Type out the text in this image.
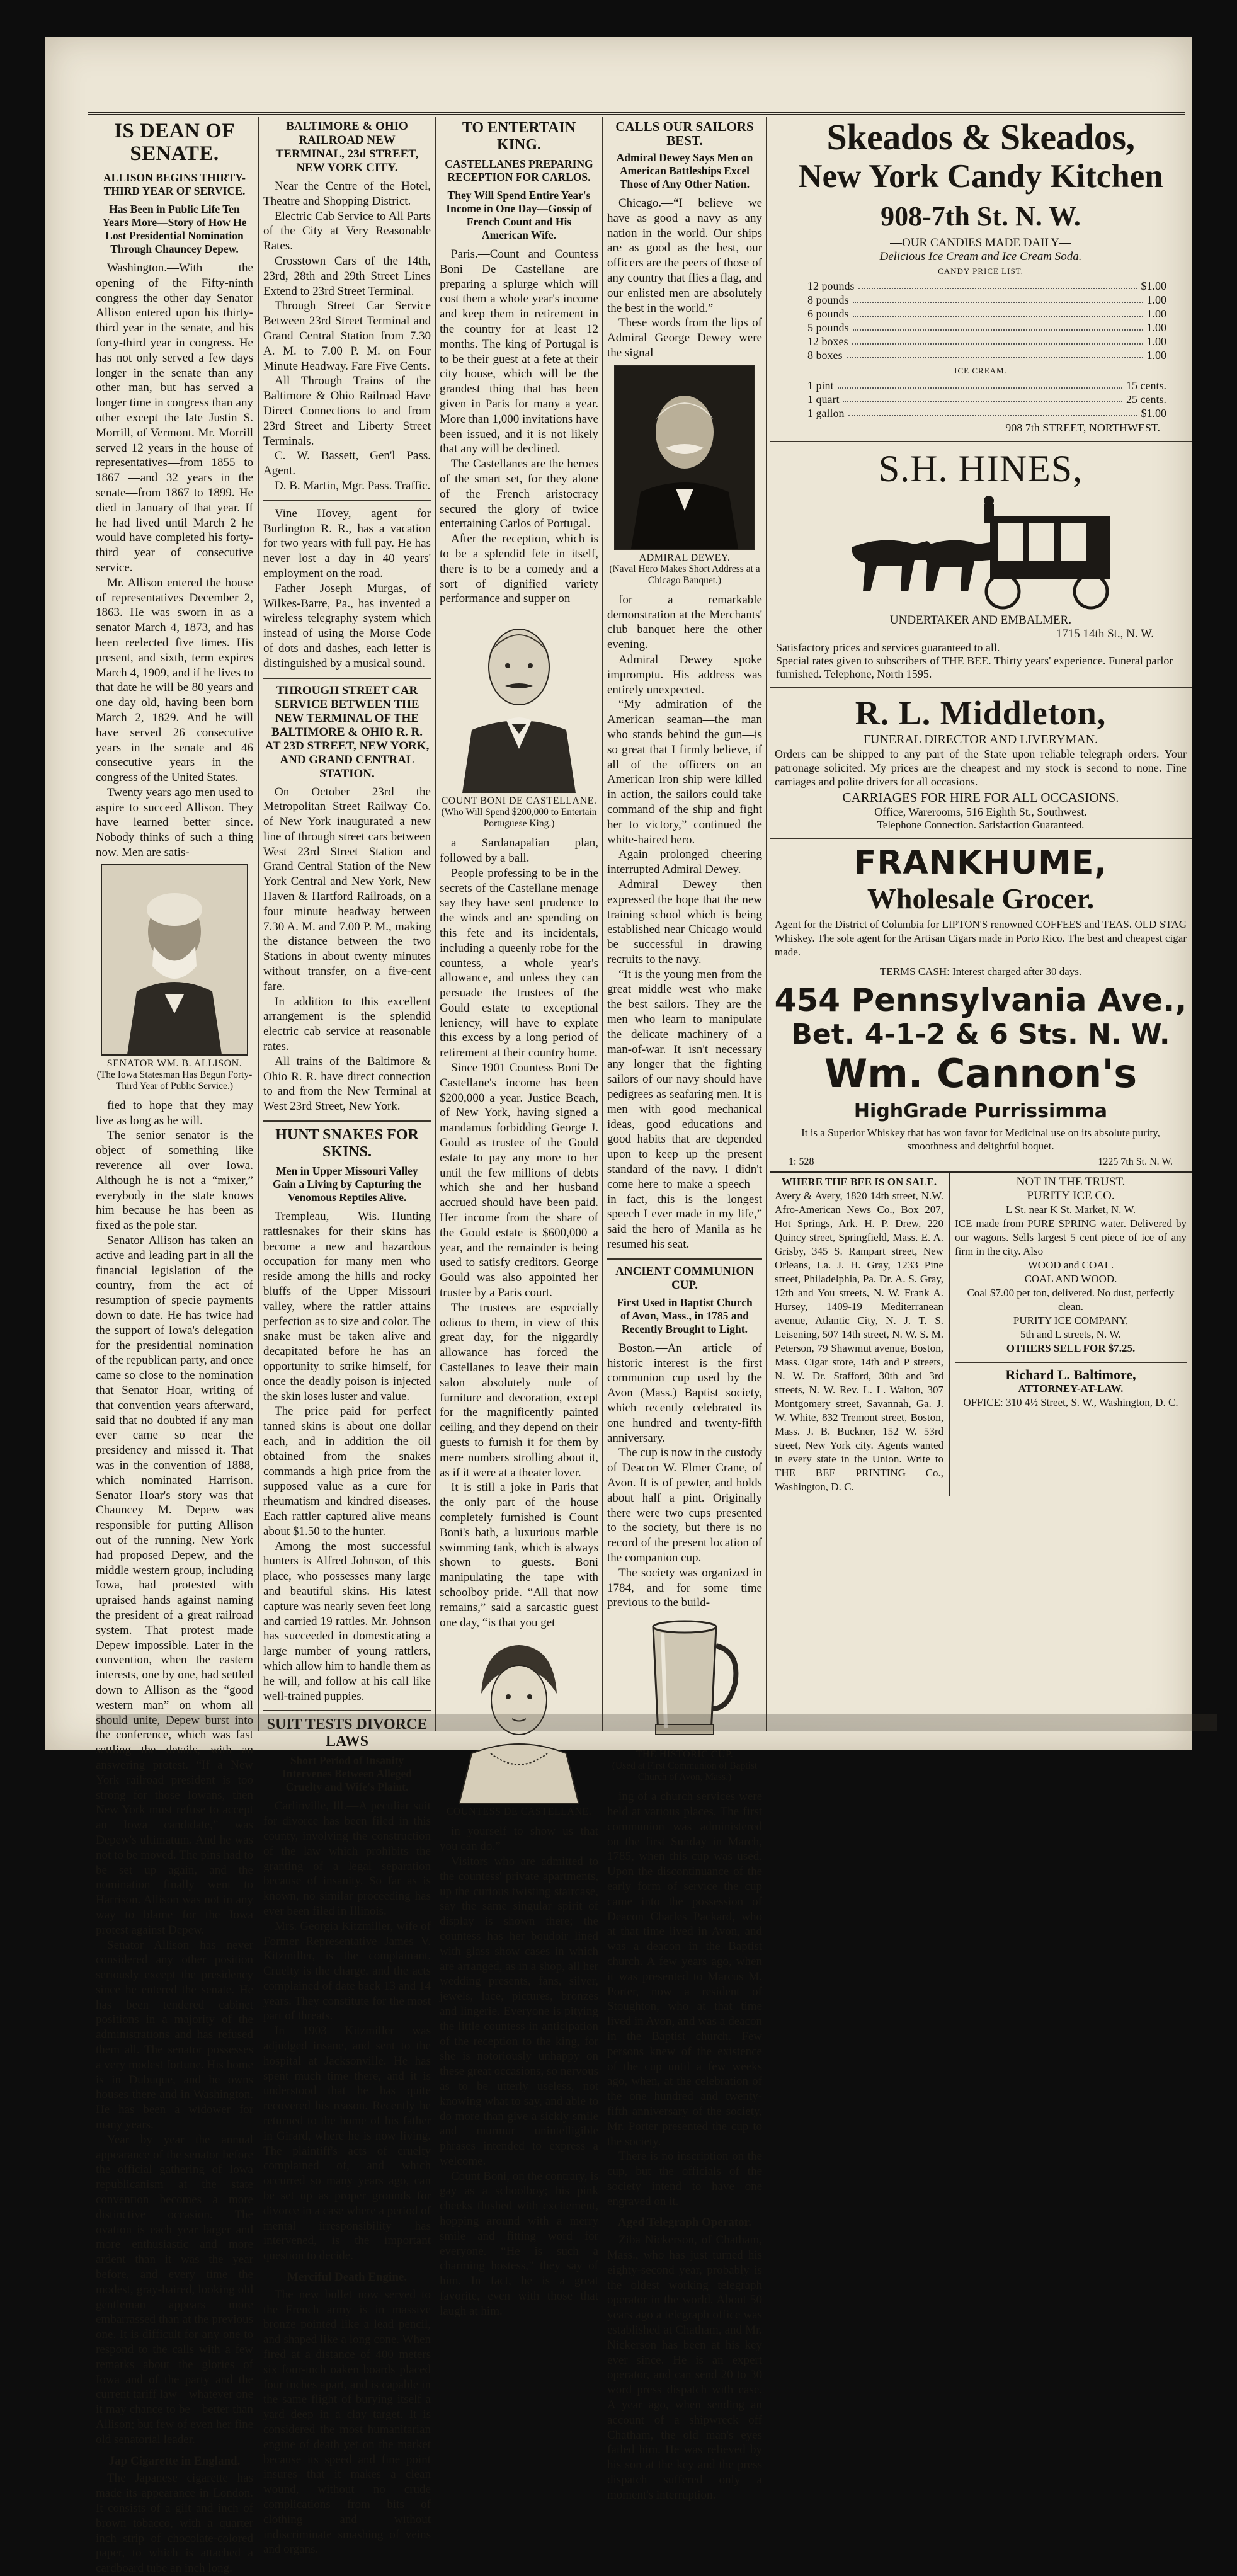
IS DEAN OF SENATE.
ALLISON BEGINS THIRTY-THIRD YEAR OF SERVICE.
Has Been in Public Life Ten Years More—Story of How He Lost Presidential Nomination Through Chauncey Depew.

Washington.—With the opening of the Fifty-ninth congress the other day Senator Allison entered upon his thirty-third year in the senate, and his forty-third year in congress. He has not only served a few days longer in the senate than any other man, but has served a longer time in congress than any other except the late Justin S. Morrill, of Vermont. Mr. Morrill served 12 years in the house of representatives—from 1855 to 1867 —and 32 years in the senate—from 1867 to 1899. He died in January of that year. If he had lived until March 2 he would have completed his forty-third year of consecutive service.

Mr. Allison entered the house of representatives December 2, 1863. He was sworn in as a senator March 4, 1873, and has been reelected five times. His present, and sixth, term expires March 4, 1909, and if he lives to that date he will be 80 years and one day old, having been born March 2, 1829. And he will have served 26 consecutive years in the senate and 46 consecutive years in the congress of the United States.

Twenty years ago men used to aspire to succeed Allison. They have learned better since. Nobody thinks of such a thing now. Men are satis-

SENATOR WM. B. ALLISON.
(The Iowa Statesman Has Begun Forty-Third Year of Public Service.)

fied to hope that they may live as long as he will.

The senior senator is the object of something like reverence all over Iowa. Although he is not a “mixer,” everybody in the state knows him because he has been as fixed as the pole star.

Senator Allison has taken an active and leading part in all the financial legislation of the country, from the act of resumption of specie payments down to date. He has twice had the support of Iowa's delegation for the presidential nomination of the republican party, and once came so close to the nomination that Senator Hoar, writing of that convention years afterward, said that no doubted if any man ever came so near the presidency and missed it. That was in the convention of 1888, which nominated Harrison. Senator Hoar's story was that Chauncey M. Depew was responsible for putting Allison out of the running. New York had proposed Depew, and the middle western group, including Iowa, had protested with upraised hands against naming the president of a great railroad system. That protest made Depew impossible. Later in the convention, when the eastern interests, one by one, had settled down to Allison as the “good western man” on whom all should unite, Depew burst into the conference, which was fast settling the details, with an answering protest. “If a New York railroad president is too strong for those Iowans, then New York must refuse to accept an Iowa candidate,” was Depew's ultimatum. And he was not to be moved. The pins had to be set up again, and the nomination finally went to Harrison. Allison was not in any way to blame for the Iowa protest against Depew.

Senator Allison has never considered any other position seriously except the presidency since he entered the senate. He has been tendered cabinet positions in a majority of the administrations and has refused them all. The senator possesses a very modest fortune. His home is in Dubuque, and he owns houses there and in Washington. He has been a widower for many years.

Year by year the annual appearance of the senator before the official gathering of Iowa republicanism at the state convention becomes a more distinctive occasion. The ovation is each year larger and more enthusiastic and more ardent than it was the year before, and every time the modest, gray-haired, looking old gentleman appears more embarrassed than at the previous one. It is difficult for any one to respond to the calls with a few remarks about the glories of Iowa and of the party and the current tariff law—whatever one it may chance to be—better than Allison; but few of even her fine old senatorial leader.

Jap Cigarette in England.

The Japanese cigarette has made its appearance in London. It consists of a gilt and inch of brown tobacco, with a quarter inch strip of chocolate-colored paper, to which is attached a cardboard tube an inch long.

BALTIMORE & OHIO RAILROAD NEW TERMINAL, 23d STREET, NEW YORK CITY.

Near the Centre of the Hotel, Theatre and Shopping District.

Electric Cab Service to All Parts of the City at Very Reasonable Rates.

Crosstown Cars of the 14th, 23rd, 28th and 29th Street Lines Extend to 23rd Street Terminal.

Through Street Car Service Between 23rd Street Terminal and Grand Central Station from 7.30 A. M. to 7.00 P. M. on Four Minute Headway. Fare Five Cents.

All Through Trains of the Baltimore & Ohio Railroad Have Direct Connections to and from 23rd Street and Liberty Street Terminals.

C. W. Bassett, Gen'l Pass. Agent.

D. B. Martin, Mgr. Pass. Traffic.

Vine Hovey, agent for Burlington R. R., has a vacation for two years with full pay. He has never lost a day in 40 years' employment on the road.

Father Joseph Murgas, of Wilkes-Barre, Pa., has invented a wireless telegraphy system which instead of using the Morse Code of dots and dashes, each letter is distinguished by a musical sound.

THROUGH STREET CAR SERVICE BETWEEN THE NEW TERMINAL OF THE BALTIMORE & OHIO R. R. AT 23D STREET, NEW YORK, AND GRAND CENTRAL STATION.

On October 23rd the Metropolitan Street Railway Co. of New York inaugurated a new line of through street cars between West 23rd Street Station and Grand Central Station of the New York Central and New York, New Haven & Hartford Railroads, on a four minute headway between 7.30 A. M. and 7.00 P. M., making the distance between the two Stations in about twenty minutes without transfer, on a five-cent fare.

In addition to this excellent arrangement is the splendid electric cab service at reasonable rates.

All trains of the Baltimore & Ohio R. R. have direct connection to and from the New Terminal at West 23rd Street, New York.

HUNT SNAKES FOR SKINS.
Men in Upper Missouri Valley Gain a Living by Capturing the Venomous Reptiles Alive.

Trempleau, Wis.—Hunting rattlesnakes for their skins has become a new and hazardous occupation for many men who reside among the hills and rocky bluffs of the Upper Missouri valley, where the rattler attains perfection as to size and color. The snake must be taken alive and decapitated before he has an opportunity to strike himself, for once the deadly poison is injected the skin loses luster and value.

The price paid for perfect tanned skins is about one dollar each, and in addition the oil obtained from the snakes commands a high price from the supposed value as a cure for rheumatism and kindred diseases. Each rattler captured alive means about $1.50 to the hunter.

Among the most successful hunters is Alfred Johnson, of this place, who possesses many large and beautiful skins. His latest capture was nearly seven feet long and carried 19 rattles. Mr. Johnson has succeeded in domesticating a large number of young rattlers, which allow him to handle them as he will, and follow at his call like well-trained puppies.

SUIT TESTS DIVORCE LAWS
Short Period of Insanity Intervenes Between Alleged Cruelty and Wife's Plaint.

Carlinville, Ill.—A peculiar suit for divorce has been filed in this county, involving the construction of the law which prohibits the granting of a legal separation because of insanity. So far as is known, no similar proceeding has ever been filed in Illinois.

Mrs. Georgia Kitzmiller, wife of Former Representative James V. Kitzmiller, is the complainant. Cruelty is the charge, and the acts complained of date back 13 and 14 years. They constitute for the most part of threats.

In 1903 Kitzmiller was adjudged insane, and sent to the hospital at Jacksonville. He has spent much time there, and it is understood that he has quite recovered his reason. Recently he returned to the home of his father in Girard, where he is now living. The plaintiff's acts of cruelty complained of, and which occurred so many years ago, can be set up as proper grounds for divorce in a case where a period of mental irresponsibility has intervened, is the important question to decide.

Merciful Death Engine.

The new bullet now served to the French army is in massive bronze pointed like a lead pencil, and shaped like a long cone. When fired at a distance of 400 meters six four-inch oaken boards placed four inches apart, and is capable in the same flight of burying itself a yard deep in a clay target. It is considered the most humanitarian engine of death yet on the market because its speed and fine point insures that it makes a clean wound, without no crude complications from bits of clothing and without indiscriminate smashing of veins and organs.

TO ENTERTAIN KING.
CASTELLANES PREPARING RECEPTION FOR CARLOS.
They Will Spend Entire Year's Income in One Day—Gossip of French Count and His American Wife.

Paris.—Count and Countess Boni De Castellane are preparing a splurge which will cost them a whole year's income and keep them in retirement in the country for at least 12 months. The king of Portugal is to be their guest at a fete at their city house, which will be the grandest thing that has been given in Paris for many a year. More than 1,000 invitations have been issued, and it is not likely that any will be declined.

The Castellanes are the heroes of the smart set, for they alone of the French aristocracy secured the glory of twice entertaining Carlos of Portugal.

After the reception, which is to be a splendid fete in itself, there is to be a comedy and a sort of dignified variety performance and supper on

COUNT BONI DE CASTELLANE.
(Who Will Spend $200,000 to Entertain Portuguese King.)

a Sardanapalian plan, followed by a ball.

People professing to be in the secrets of the Castellane menage say they have sent prudence to the winds and are spending on this fete and its incidentals, including a queenly robe for the countess, a whole year's allowance, and unless they can persuade the trustees of the Gould estate to exceptional leniency, will have to explate this excess by a long period of retirement at their country home.

Since 1901 Countess Boni De Castellane's income has been $200,000 a year. Justice Beach, of New York, having signed a mandamus forbidding George J. Gould as trustee of the Gould estate to pay any more to her until the few millions of debts which she and her husband accrued should have been paid. Her income from the share of the Gould estate is $600,000 a year, and the remainder is being used to satisfy creditors. George Gould was also appointed her trustee by a Paris court.

The trustees are especially odious to them, in view of this great day, for the niggardly allowance has forced the Castellanes to leave their main salon absolutely nude of furniture and decoration, except for the magnificently painted ceiling, and they depend on their guests to furnish it for them by mere numbers strolling about it, as if it were at a theater lover.

It is still a joke in Paris that the only part of the house completely furnished is Count Boni's bath, a luxurious marble swimming tank, which is always shown to guests. Boni manipulating the tape with schoolboy pride. “All that now remains,” said a sarcastic guest one day, “is that you get

COUNTESS DE CASTELLANE.

in yourself to show us that you can do.”

Visitors who are admitted to the countess' private apartments, up the curious twisting staircase, say the same singular spirit of display is shown there; the countess has her boudoir lined with glass show cases in which are arranged, as in a shop, all her wedding presents, fans, silver, jewels, lace, pictures, bronzes and lingerie. Everyone is pitying the little countess in anticipation of the reception to the king, for she is notoriously unhappy on these great occasions, so nervous as to be utterly useless, not knowing what to say, and able to do more than give a sickly smile and murmur unintelligible phrases intended to express a welcome.

Count Boni, on the contrary, is gay as a schoolboy; his pink cheeks flushed with excitement, hopping around with a merry smile and fitting word for everyone. “He is such a charming hostess,” they say of him. In fact, he is a great favorite, even with those that laugh at him.

CALLS OUR SAILORS BEST.
Admiral Dewey Says Men on American Battleships Excel Those of Any Other Nation.

Chicago.—“I believe we have as good a navy as any nation in the world. Our ships are as good as the best, our officers are the peers of those of any country that flies a flag, and our enlisted men are absolutely the best in the world.”

These words from the lips of Admiral George Dewey were the signal

ADMIRAL DEWEY.
(Naval Hero Makes Short Address at a Chicago Banquet.)

for a remarkable demonstration at the Merchants' club banquet here the other evening.

Admiral Dewey spoke impromptu. His address was entirely unexpected.

“My admiration of the American seaman—the man who stands behind the gun—is so great that I firmly believe, if all of the officers on an American Iron ship were killed in action, the sailors could take command of the ship and fight her to victory,” continued the white-haired hero.

Again prolonged cheering interrupted Admiral Dewey.

Admiral Dewey then expressed the hope that the new training school which is being established near Chicago would be successful in drawing recruits to the navy.

“It is the young men from the great middle west who make the best sailors. They are the men who learn to manipulate the delicate machinery of a man-of-war. It isn't necessary any longer that the fighting sailors of our navy should have pedigrees as seafaring men. It is men with good mechanical ideas, good educations and good habits that are depended upon to keep up the present standard of the navy. I didn't come here to make a speech—in fact, this is the longest speech I ever made in my life,” said the hero of Manila as he resumed his seat.

ANCIENT COMMUNION CUP.
First Used in Baptist Church of Avon, Mass., in 1785 and Recently Brought to Light.

Boston.—An article of historic interest is the first communion cup used by the Avon (Mass.) Baptist society, which recently celebrated its one hundred and twenty-fifth anniversary.

The cup is now in the custody of Deacon W. Elmer Crane, of Avon. It is of pewter, and holds about half a pint. Originally there were two cups presented to the society, but there is no record of the present location of the companion cup.

The society was organized in 1784, and for some time previous to the build-

THE HISTORIC CUP.
(Used at First Communion of Baptist Church of Avon, Mass.)

ing of a church services were held at various places. The first communion was administered on the first Sunday in March, 1785, when this cup was used. Upon the discontinuance of the early form of service the cup came into the possession of Deacon Charles Packard, who at that time lived in Avon, and was a deacon in the Baptist church. A few years ago, when it was presented to Marcus M. Porter, now a resident of Stoughton, who at that time lived in Avon, and was a deacon in the Baptist church. Few persons knew of the existence of the cup until a few weeks ago, when, at the celebration of the one hundred and twenty-fifth anniversary of the society, Mr. Porter presented the cup to the society.

There is no inscription on the cup, but the officials of the society intend to have one engraved on it.

Aged Telegraph Operator.

Ziba Nickerson, of Chatham, Mass., who has just turned his eighty-second year, probably is the oldest working telegraph operator in the world. About 50 years ago a telegraph office was established at Chatham, and Mr. Nickerson has been at his key ever since. He is an expert operator, and can send 20 to 30 word press dispatch with ease. A year ago, when sending an account of a shipwreck off Chatham, the old man's eyes failed him. He was relieved by his son at the key and the press dispatch suffered only a moment's interruption.

Skeados & Skeados,
New York Candy Kitchen
908-7th St. N. W.
—OUR CANDIES MADE DAILY—
Delicious Ice Cream and Ice Cream Soda.
CANDY PRICE LIST.
12 pounds	$1.00
8 pounds	1.00
6 pounds	1.00
5 pounds	1.00
12 boxes	1.00
8 boxes	1.00
ICE CREAM.
1 pint	15 cents.
1 quart	25 cents.
1 gallon	$1.00
908 7th STREET, NORTHWEST.
S.H. HINES,
UNDERTAKER AND EMBALMER.
1715 14th St., N. W.
Satisfactory prices and services guaranteed to all.
Special rates given to subscribers of THE BEE. Thirty years' experience. Funeral parlor furnished. Telephone, North 1595.
R. L. Middleton,
FUNERAL DIRECTOR AND LIVERYMAN.
Orders can be shipped to any part of the State upon reliable telegraph orders. Your patronage solicited. My prices are the cheapest and my stock is second to none. Fine carriages and polite drivers for all occasions.
CARRIAGES FOR HIRE FOR ALL OCCASIONS.
Office, Warerooms, 516 Eighth St., Southwest.
Telephone Connection. Satisfaction Guaranteed.
FRANKHUME,
Wholesale Grocer.
Agent for the District of Columbia for LIPTON'S renowned COFFEES and TEAS. OLD STAG Whiskey. The sole agent for the Artisan Cigars made in Porto Rico. The best and cheapest cigar made.
TERMS CASH: Interest charged after 30 days.
454 Pennsylvania Ave.,
Bet. 4-1-2 & 6 Sts. N. W.
Wm. Cannon's
HighGrade Purrissimma
It is a Superior Whiskey that has won favor for Medicinal use on its absolute purity, smoothness and delightful boquet.
1: 528	1225 7th St. N. W.
WHERE THE BEE IS ON SALE.
Avery & Avery, 1820 14th street, N.W. Afro-American News Co., Box 207, Hot Springs, Ark. H. P. Drew, 220 Quincy street, Springfield, Mass. E. A. Grisby, 345 S. Rampart street, New Orleans, La. J. H. Gray, 1233 Pine street, Philadelphia, Pa. Dr. A. S. Gray, 12th and You streets, N. W. Frank A. Hursey, 1409-19 Mediterranean avenue, Atlantic City, N. J. T. S. Leisening, 507 14th street, N. W. S. M. Peterson, 79 Shawmut avenue, Boston, Mass. Cigar store, 14th and P streets, N. W. Dr. Stafford, 30th and 3rd streets, N. W. Rev. L. L. Walton, 307 Montgomery street, Savannah, Ga. J. W. White, 832 Tremont street, Boston, Mass. J. B. Buckner, 152 W. 53rd street, New York city. Agents wanted in every state in the Union. Write to THE BEE PRINTING Co., Washington, D. C.
NOT IN THE TRUST.
PURITY ICE CO.
L St. near K St. Market, N. W.
ICE made from PURE SPRING water. Delivered by our wagons. Sells largest 5 cent piece of ice of any firm in the city. Also
WOOD and COAL.
COAL AND WOOD.
Coal $7.00 per ton, delivered. No dust, perfectly clean.
PURITY ICE COMPANY,
5th and L streets, N. W.
OTHERS SELL FOR $7.25.
Richard L. Baltimore,
ATTORNEY-AT-LAW.
OFFICE: 310 4½ Street, S. W., Washington, D. C.
